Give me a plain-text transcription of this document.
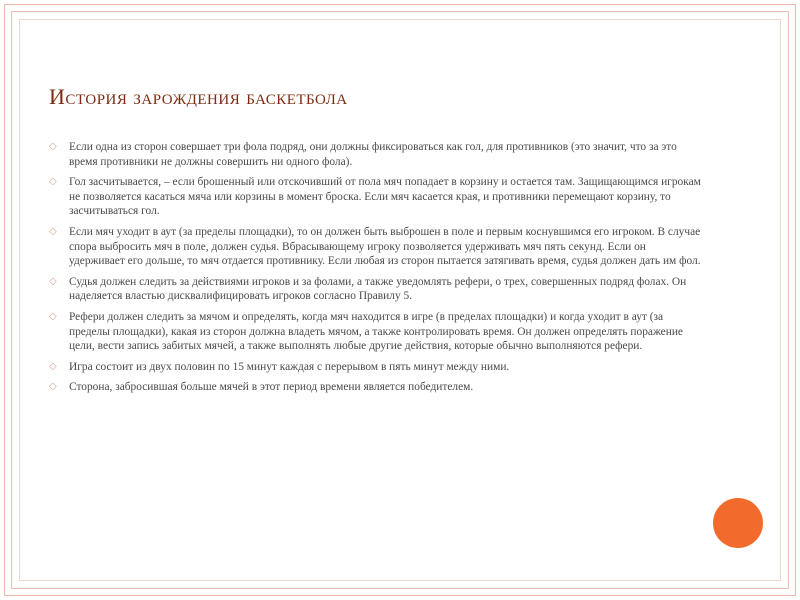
История зарождения баскетбола
◇ Если одна из сторон совершает три фола подряд, они должны фиксироваться как гол, для противников (это значит, что за это время противники не должны совершить ни одного фола).
◇ Гол засчитывается, – если брошенный или отскочивший от пола мяч попадает в корзину и остается там. Защищающимся игрокам не позволяется касаться мяча или корзины в момент броска. Если мяч касается края, и противники перемещают корзину, то засчитываться гол.
◇ Если мяч уходит в аут (за пределы площадки), то он должен быть выброшен в поле и первым коснувшимся его игроком. В случае спора выбросить мяч в поле, должен судья. Вбрасывающему игроку позволяется удерживать мяч пять секунд. Если он удерживает его дольше, то мяч отдается противнику. Если любая из сторон пытается затягивать время, судья должен дать им фол.
◇ Судья должен следить за действиями игроков и за фолами, а также уведомлять рефери, о трех, совершенных подряд фолах. Он наделяется властью дисквалифицировать игроков согласно Правилу 5.
◇ Рефери должен следить за мячом и определять, когда мяч находится в игре (в пределах площадки) и когда уходит в аут (за пределы площадки), какая из сторон должна владеть мячом, а также контролировать время. Он должен определять поражение цели, вести запись забитых мячей, а также выполнять любые другие действия, которые обычно выполняются рефери.
◇ Игра состоит из двух половин по 15 минут каждая с перерывом в пять минут между ними.
◇ Сторона, забросившая больше мячей в этот период времени является победителем.
